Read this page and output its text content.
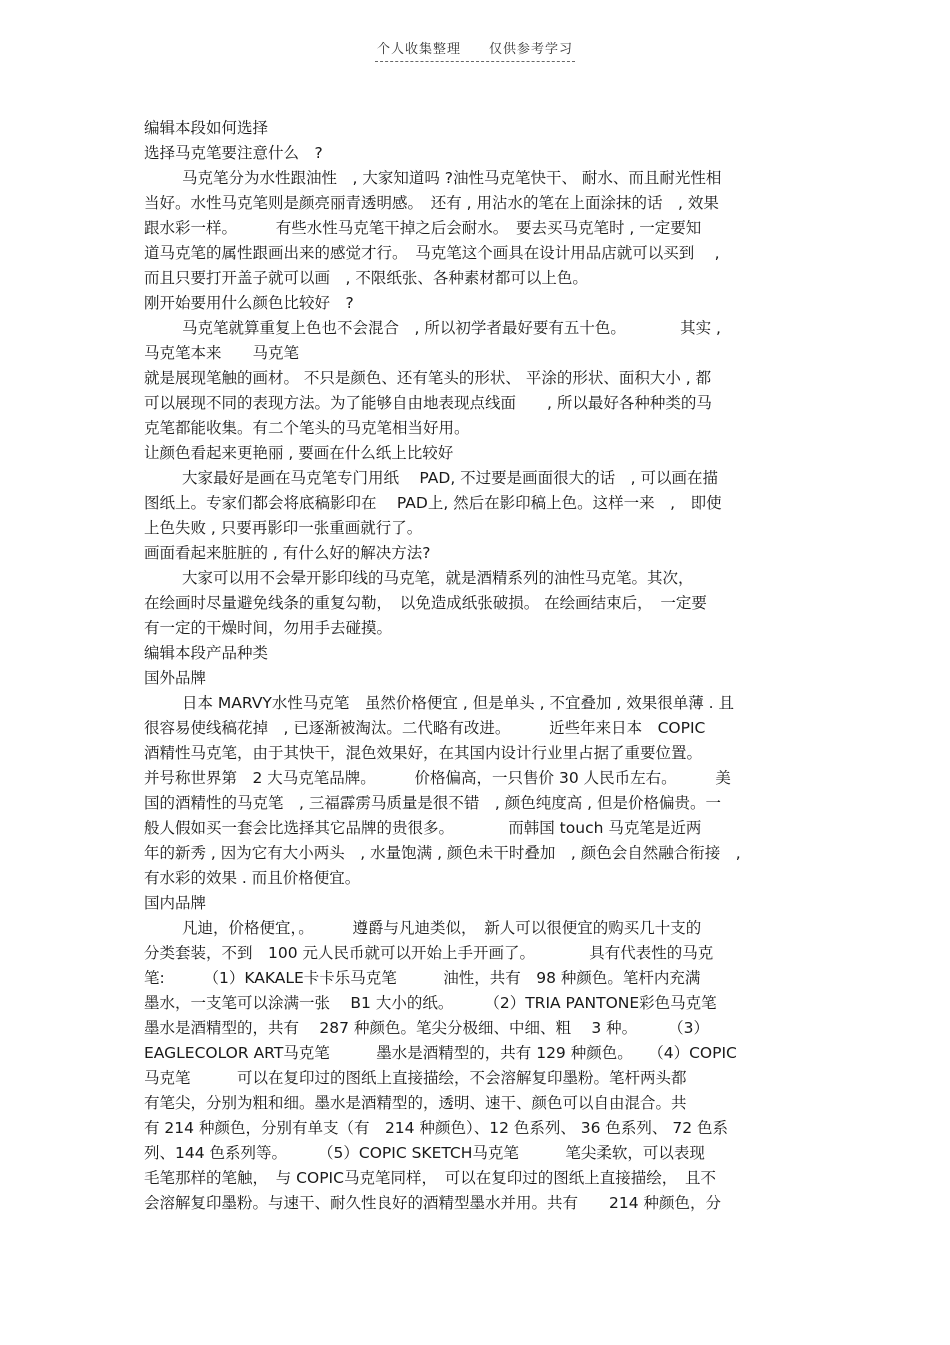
个人收集整理　　仅供参考学习
编辑本段如何选择
选择马克笔要注意什么　?
马克笔分为水性跟油性　, 大家知道吗 ?油性马克笔快干、 耐水、而且耐光性相
当好。水性马克笔则是颜亮丽青透明感。　还有 , 用沾水的笔在上面涂抹的话　, 效果
跟水彩一样。　　　有些水性马克笔干掉之后会耐水。　要去买马克笔时 , 一定要知
道马克笔的属性跟画出来的感觉才行。　马克笔这个画具在设计用品店就可以买到　 ,
而且只要打开盖子就可以画　, 不限纸张、各种素材都可以上色。
刚开始要用什么颜色比较好　?
马克笔就算重复上色也不会混合　, 所以初学者最好要有五十色。　　　　其实 ,
马克笔本来　　马克笔
就是展现笔触的画材。 不只是颜色、还有笔头的形状、 平涂的形状、面积大小 , 都
可以展现不同的表现方法。为了能够自由地表现点线面　　, 所以最好各种种类的马
克笔都能收集。有二个笔头的马克笔相当好用。
让颜色看起来更艳丽 , 要画在什么纸上比较好
大家最好是画在马克笔专门用纸　 PAD, 不过要是画面很大的话　, 可以画在描
图纸上。专家们都会将底稿影印在　 PAD上, 然后在影印稿上色。这样一来　,　即使
上色失败 , 只要再影印一张重画就行了。
画面看起来脏脏的 , 有什么好的解决方法?
大家可以用不会晕开影印线的马克笔，就是酒精系列的油性马克笔。其次，
在绘画时尽量避免线条的重复勾勒，　以免造成纸张破损。 在绘画结束后，　一定要
有一定的干燥时间，勿用手去碰摸。
编辑本段产品种类
国外品牌
日本 MARVY水性马克笔　虽然价格便宜 , 但是单头 , 不宜叠加 , 效果很单薄 . 且
很容易使线稿花掉　, 已逐渐被淘汰。二代略有改进。　　　近些年来日本　COPIC
酒精性马克笔，由于其快干，混色效果好，在其国内设计行业里占据了重要位置。
并号称世界第　2 大马克笔品牌。　　　价格偏高，一只售价 30 人民币左右。　　　美
国的酒精性的马克笔　, 三福霹雳马质量是很不错　, 颜色纯度高 , 但是价格偏贵。一
般人假如买一套会比选择其它品牌的贵很多。　　　　而韩国 touch 马克笔是近两
年的新秀 , 因为它有大小两头　, 水量饱满 , 颜色未干时叠加　, 颜色会自然融合衔接　,
有水彩的效果 . 而且价格便宜。
国内品牌
凡迪，价格便宜，。　　　遵爵与凡迪类似，　新人可以很便宜的购买几十支的
分类套装，不到　100 元人民币就可以开始上手开画了。　　　　具有代表性的马克
笔:　　　（1）KAKALE卡卡乐马克笔　　　油性，共有　98 种颜色。笔杆内充满
墨水，一支笔可以涂满一张　 B1 大小的纸。　　　（2）TRIA PANTONE彩色马克笔
墨水是酒精型的，共有　 287 种颜色。笔尖分极细、中细、粗　 3 种。　　　（3）
EAGLECOLOR ART马克笔　　　墨水是酒精型的，共有 129 种颜色。　　（4）COPIC
马克笔　　　可以在复印过的图纸上直接描绘，不会溶解复印墨粉。笔杆两头都
有笔尖，分别为粗和细。墨水是酒精型的，透明、速干、颜色可以自由混合。共
有 214 种颜色，分别有单支（有　214 种颜色）、12 色系列、 36 色系列、 72 色系
列、144 色系列等。　　　（5）COPIC SKETCH马克笔　　　笔尖柔软，可以表现
毛笔那样的笔触，　与 COPIC马克笔同样，　可以在复印过的图纸上直接描绘，　且不
会溶解复印墨粉。与速干、耐久性良好的酒精型墨水并用。共有　　214 种颜色，分
